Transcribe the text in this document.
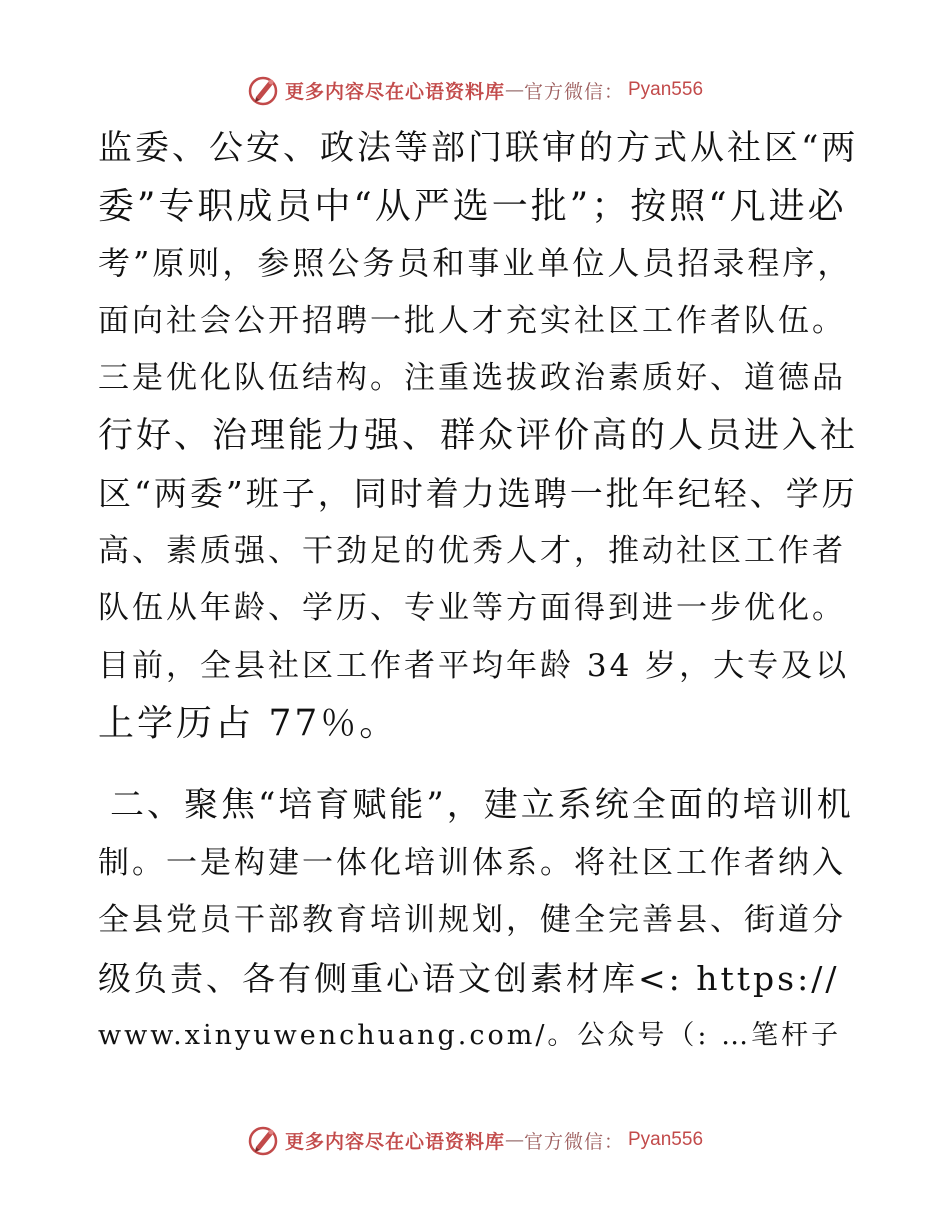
更多内容尽在心语资料库 — 官方微信： Pyan556
监委、公安、政法等部门联审的方式从社区“两
委”专职成员中“从严选一批”；按照“凡进必
考”原则，参照公务员和事业单位人员招录程序，
面向社会公开招聘一批人才充实社区工作者队伍。
三是优化队伍结构。注重选拔政治素质好、道德品
行好、治理能力强、群众评价高的人员进入社
区“两委”班子，同时着力选聘一批年纪轻、学历
高、素质强、干劲足的优秀人才，推动社区工作者
队伍从年龄、学历、专业等方面得到进一步优化。
目前，全县社区工作者平均年龄 34 岁，大专及以
上学历占 77％。
二、聚焦“培育赋能”，建立系统全面的培训机
制。一是构建一体化培训体系。将社区工作者纳入
全县党员干部教育培训规划，健全完善县、街道分
级负责、各有侧重心语文创素材库<: https://
www.xinyuwenchuang.com/。公众号（: …笔杆子
更多内容尽在心语资料库 — 官方微信： Pyan556
